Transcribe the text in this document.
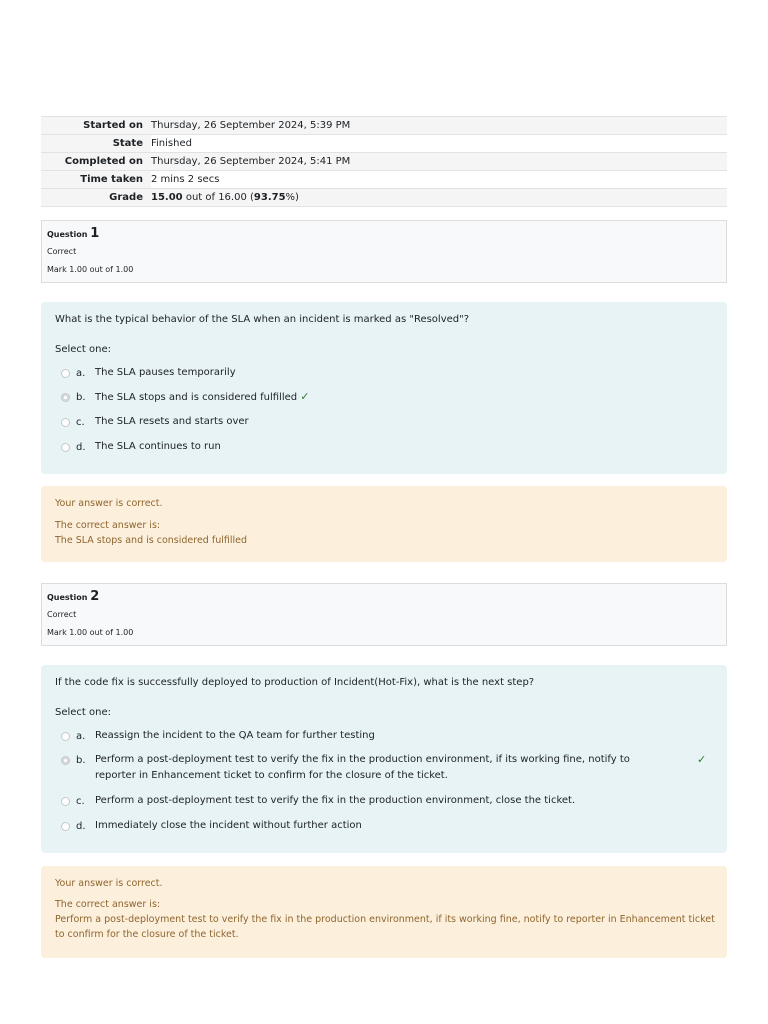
Started on	Thursday, 26 September 2024, 5:39 PM
State	Finished
Completed on	Thursday, 26 September 2024, 5:41 PM
Time taken	2 mins 2 secs
Grade	15.00 out of 16.00 (93.75%)
Question 1
Correct
Mark 1.00 out of 1.00
What is the typical behavior of the SLA when an incident is marked as "Resolved"?
Select one:
a. The SLA pauses temporarily
b. The SLA stops and is considered fulfilled ✓
c. The SLA resets and starts over
d. The SLA continues to run
Your answer is correct.
The correct answer is:
The SLA stops and is considered fulfilled
Question 2
Correct
Mark 1.00 out of 1.00
If the code fix is successfully deployed to production of Incident(Hot-Fix), what is the next step?
Select one:
a. Reassign the incident to the QA team for further testing
b. Perform a post-deployment test to verify the fix in the production environment, if its working fine, notify to reporter in Enhancement ticket to confirm for the closure of the ticket.
✓
c. Perform a post-deployment test to verify the fix in the production environment, close the ticket.
d. Immediately close the incident without further action
Your answer is correct.
The correct answer is:
Perform a post-deployment test to verify the fix in the production environment, if its working fine, notify to reporter in Enhancement ticket to confirm for the closure of the ticket.
